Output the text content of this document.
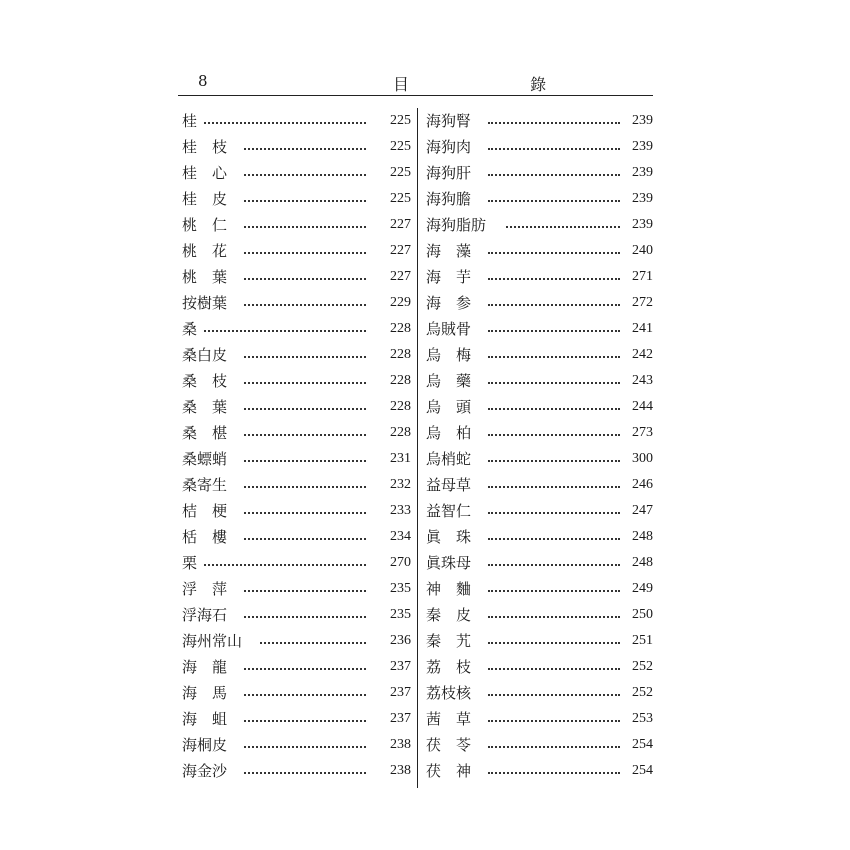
8	目 錄
桂	225
桂　枝	225
桂　心	225
桂　皮	225
桃　仁	227
桃　花	227
桃　葉	227
按樹葉	229
桑	228
桑白皮	228
桑　枝	228
桑　葉	228
桑　椹	228
桑螵蛸	231
桑寄生	232
桔　梗	233
栝　樓	234
栗	270
浮　萍	235
浮海石	235
海州常山	236
海　龍	237
海　馬	237
海　蛆	237
海桐皮	238
海金沙	238
海狗腎	239
海狗肉	239
海狗肝	239
海狗膽	239
海狗脂肪	239
海　藻	240
海　芋	271
海　参	272
烏賊骨	241
烏　梅	242
烏　藥	243
烏　頭	244
烏　柏	273
烏梢蛇	300
益母草	246
益智仁	247
眞　珠	248
眞珠母	248
神　麯	249
秦　皮	250
秦　艽	251
荔　枝	252
荔枝核	252
茜　草	253
茯　苓	254
茯　神	254
